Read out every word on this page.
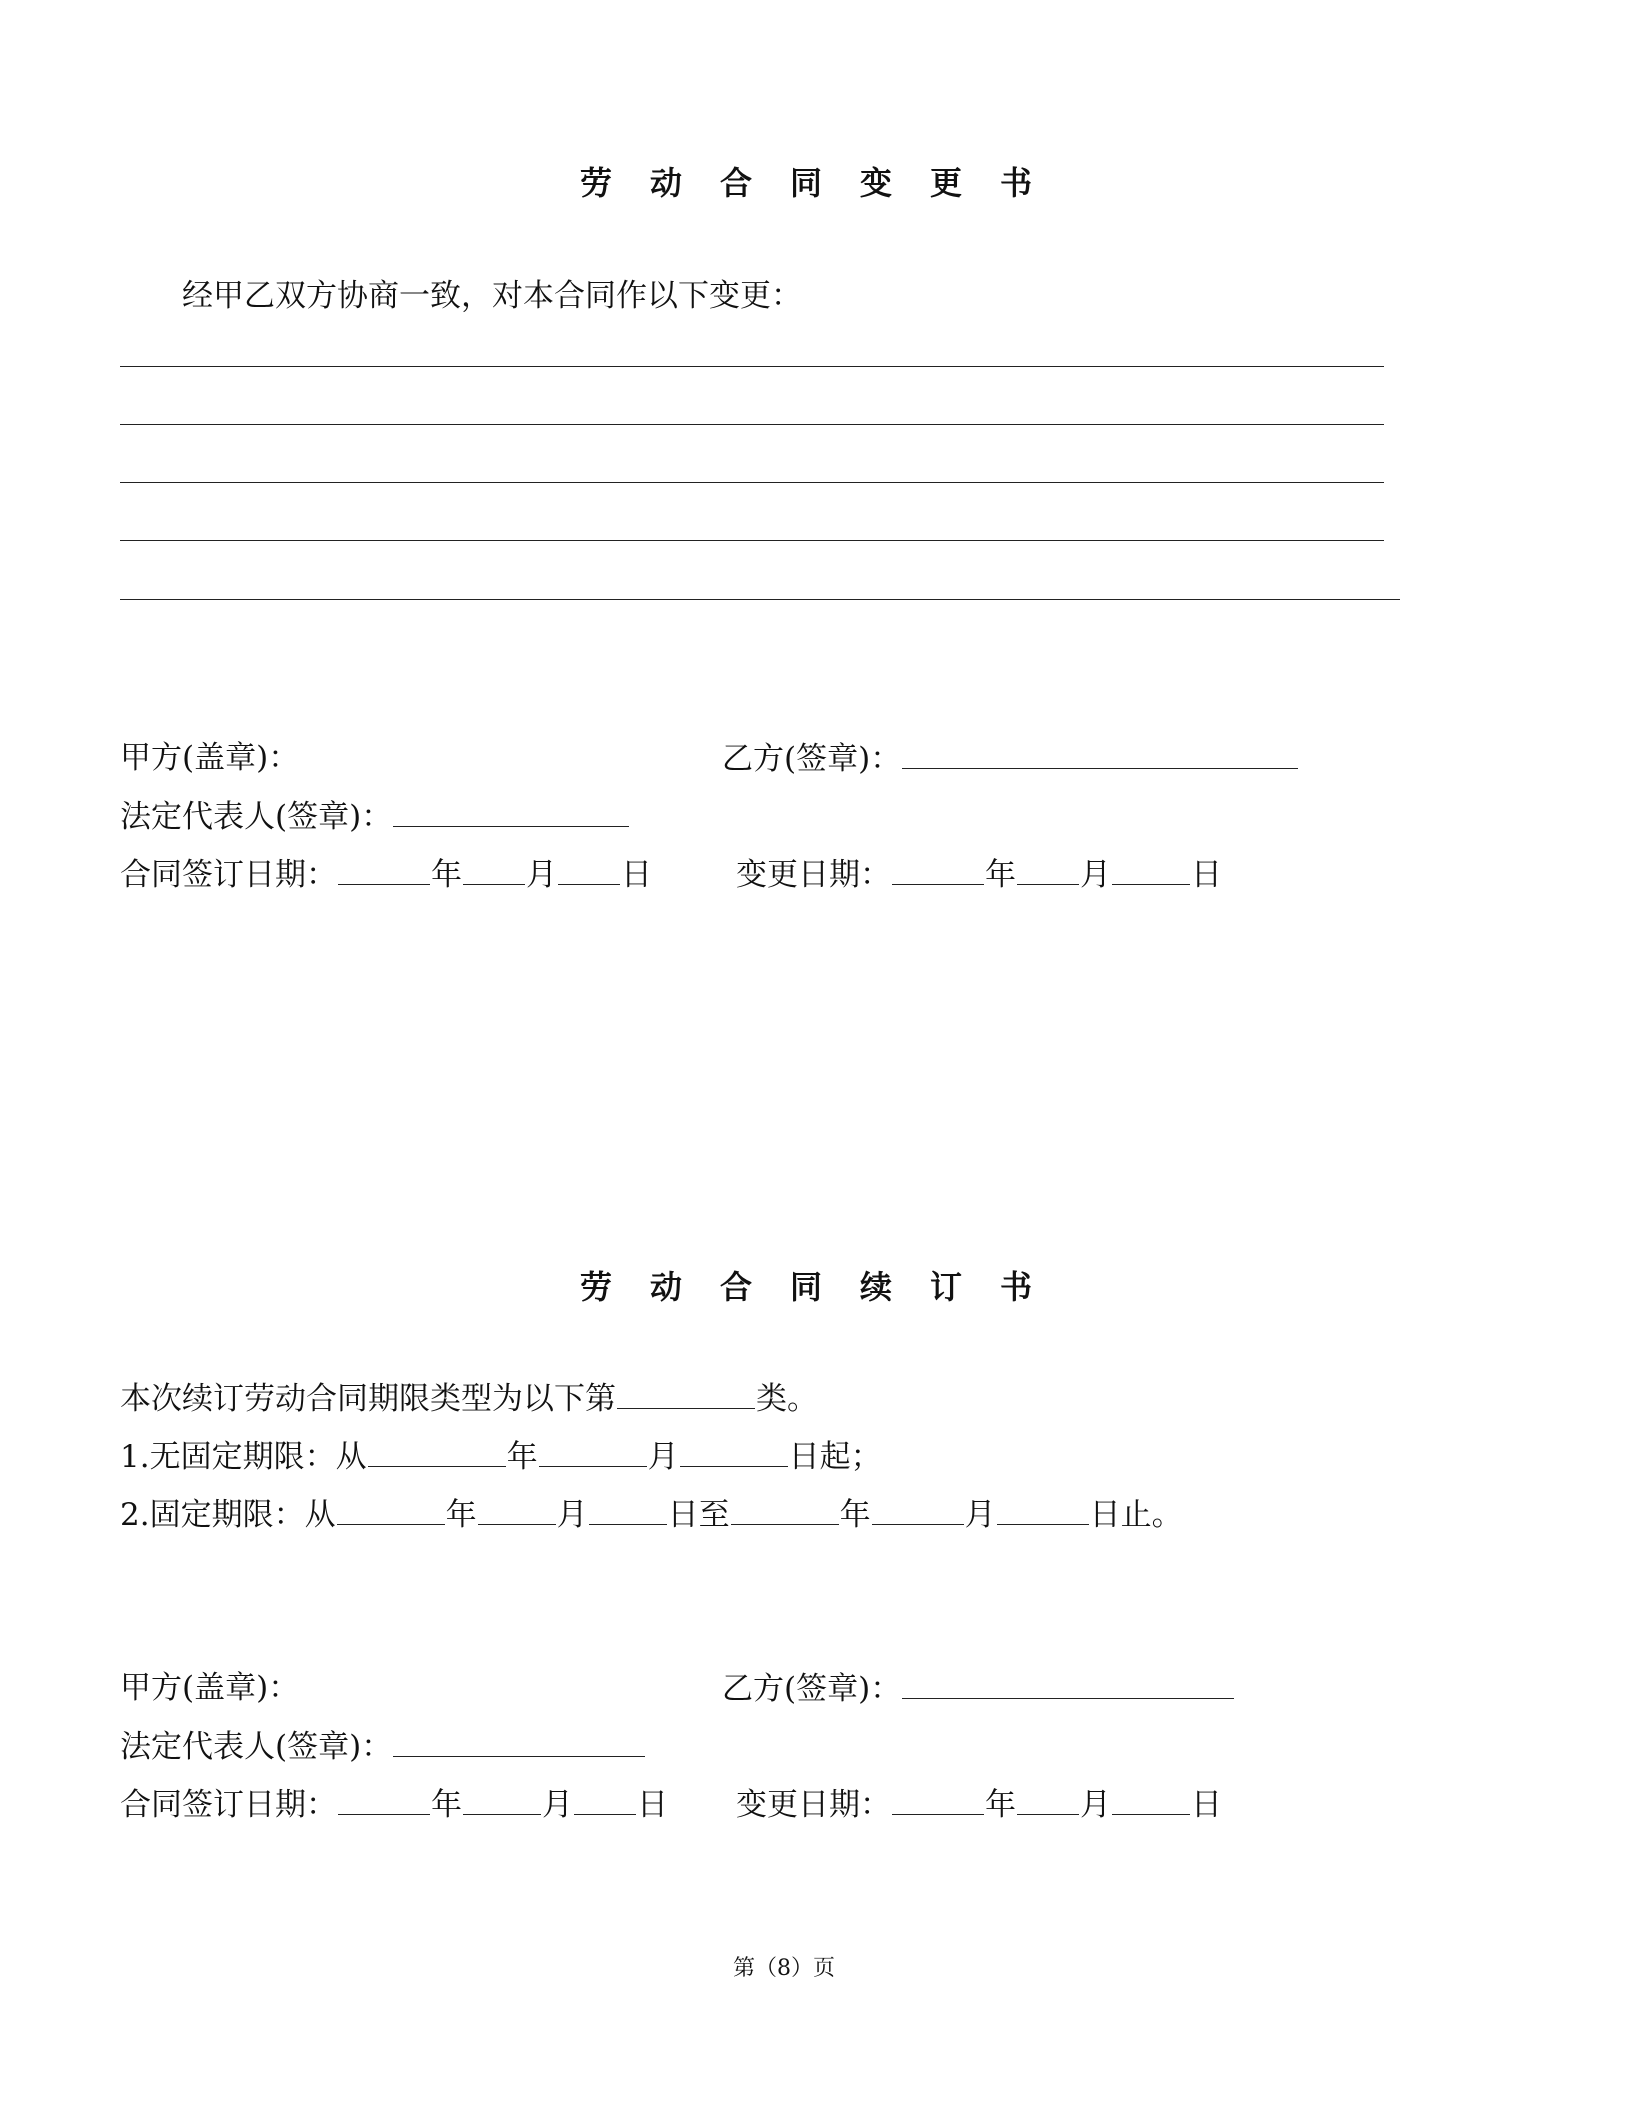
劳动合同变更书
经甲乙双方协商一致，对本合同作以下变更：
甲方(盖章)：	乙方(签章)：
法定代表人(签章)：
合同签订日期：	年 月 日	变更日期：	年 月	日
劳动合同续订书
本次续订劳动合同期限类型为以下第	类。
1.无固定期限：从	年	月	日起；
2.固定期限：从	年	月	日至	年	月	日止。
甲方(盖章)：	乙方(签章)：
法定代表人(签章)：
合同签订日期：	年	月 日 变更日期：	年 月	日
第（8）页
